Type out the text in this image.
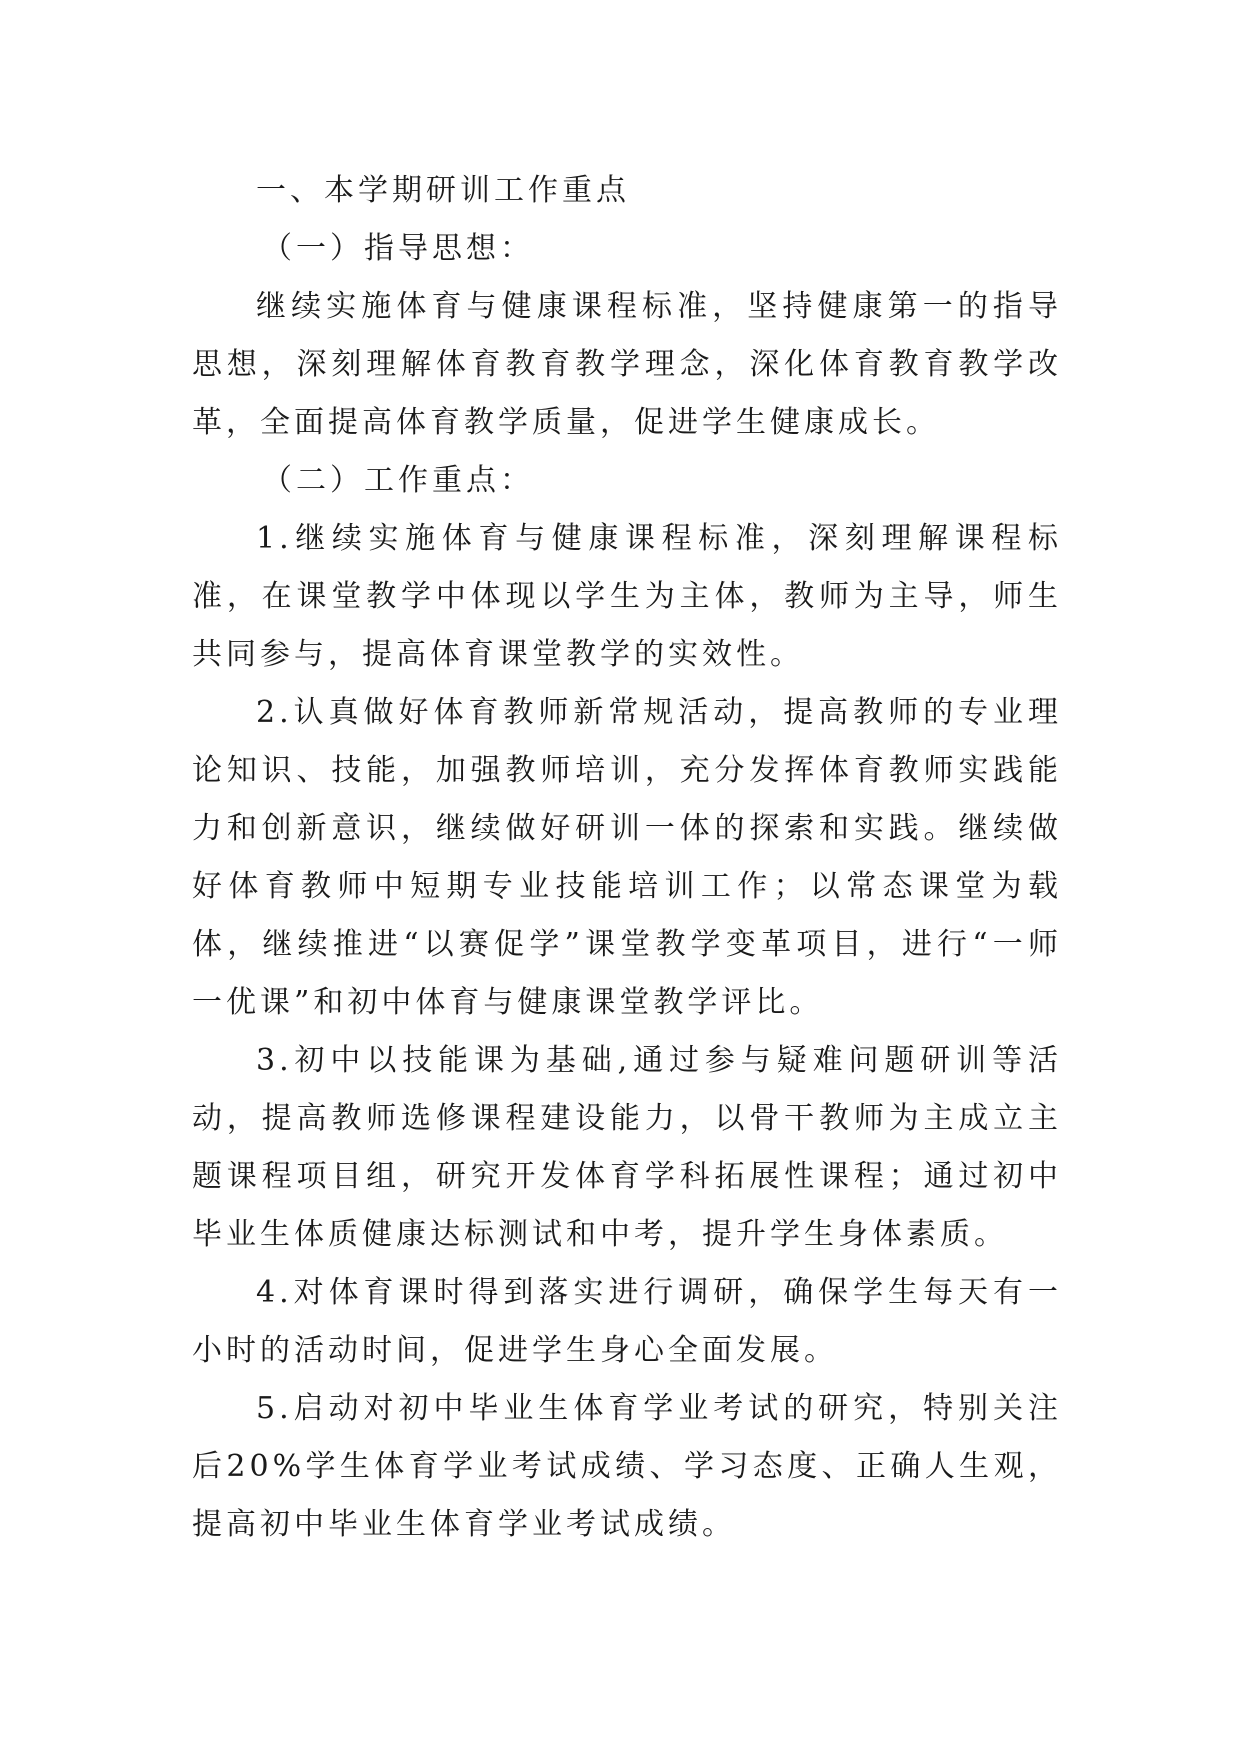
一、本学期研训工作重点
（一）指导思想：

继续实施体育与健康课程标准，坚持健康第一的指导思想，深刻理解体育教育教学理念，深化体育教育教学改革，全面提高体育教学质量，促进学生健康成长。

（二）工作重点：

1.继续实施体育与健康课程标准，深刻理解课程标准，在课堂教学中体现以学生为主体，教师为主导，师生共同参与，提高体育课堂教学的实效性。

2.认真做好体育教师新常规活动，提高教师的专业理论知识、技能，加强教师培训，充分发挥体育教师实践能力和创新意识，继续做好研训一体的探索和实践。继续做好体育教师中短期专业技能培训工作；以常态课堂为载体，继续推进“以赛促学”课堂教学变革项目，进行“一师一优课”和初中体育与健康课堂教学评比。

3.初中以技能课为基础,通过参与疑难问题研训等活动，提高教师选修课程建设能力，以骨干教师为主成立主题课程项目组，研究开发体育学科拓展性课程；通过初中毕业生体质健康达标测试和中考，提升学生身体素质。

4.对体育课时得到落实进行调研，确保学生每天有一小时的活动时间，促进学生身心全面发展。

5.启动对初中毕业生体育学业考试的研究，特别关注后20%学生体育学业考试成绩、学习态度、正确人生观，提高初中毕业生体育学业考试成绩。
